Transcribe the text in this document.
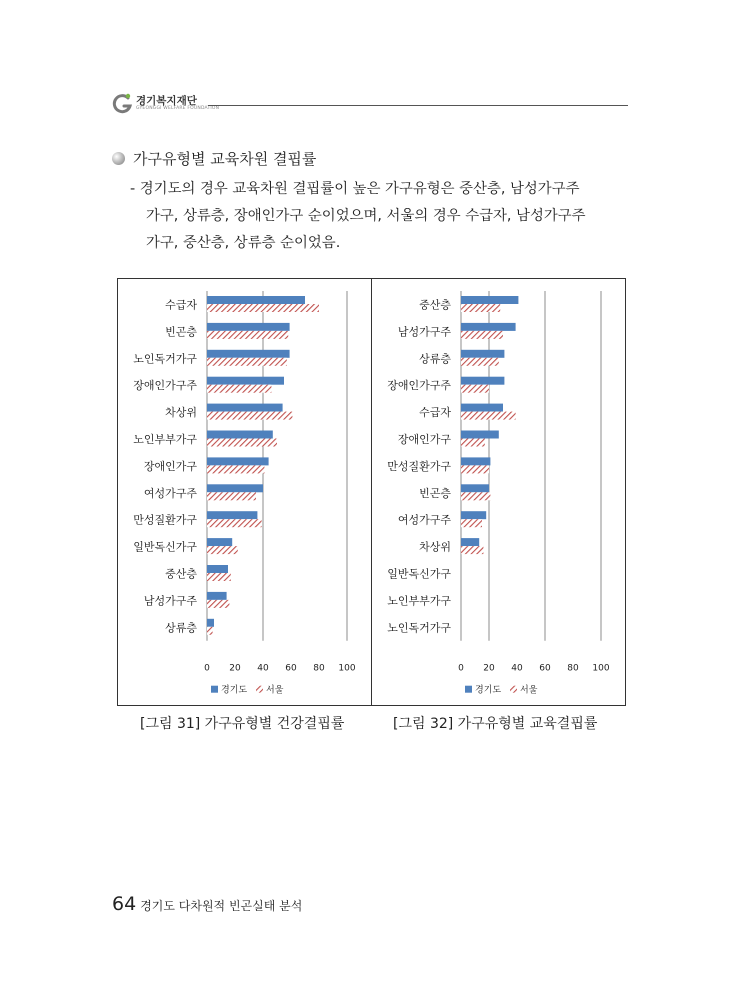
경기복지재단
GYEONGGI WELFARE FOUNDATION
가구유형별 교육차원 결핍률
- 경기도의 경우 교육차원 결핍률이 높은 가구유형은 중산층, 남성가구주
가구, 상류층, 장애인가구 순이었으며, 서울의 경우 수급자, 남성가구주
가구, 중산층, 상류층 순이었음.
수급자
빈곤층
노인독거가구
장애인가구주
차상위
노인부부가구
장애인가구
여성가구주
만성질환가구
일반독신가구
중산층
남성가구주
상류층
0 20 40 60 80 100
경기도 서울
중산층
남성가구주
상류층
장애인가구주
수급자
장애인가구
만성질환가구
빈곤층
여성가구주
차상위
일반독신가구
노인부부가구
노인독거가구
0 20 40 60 80 100
경기도 서울
[그림 31] 가구유형별 건강결핍률	[그림 32] 가구유형별 교육결핍률
64 경기도 다차원적 빈곤실태 분석
